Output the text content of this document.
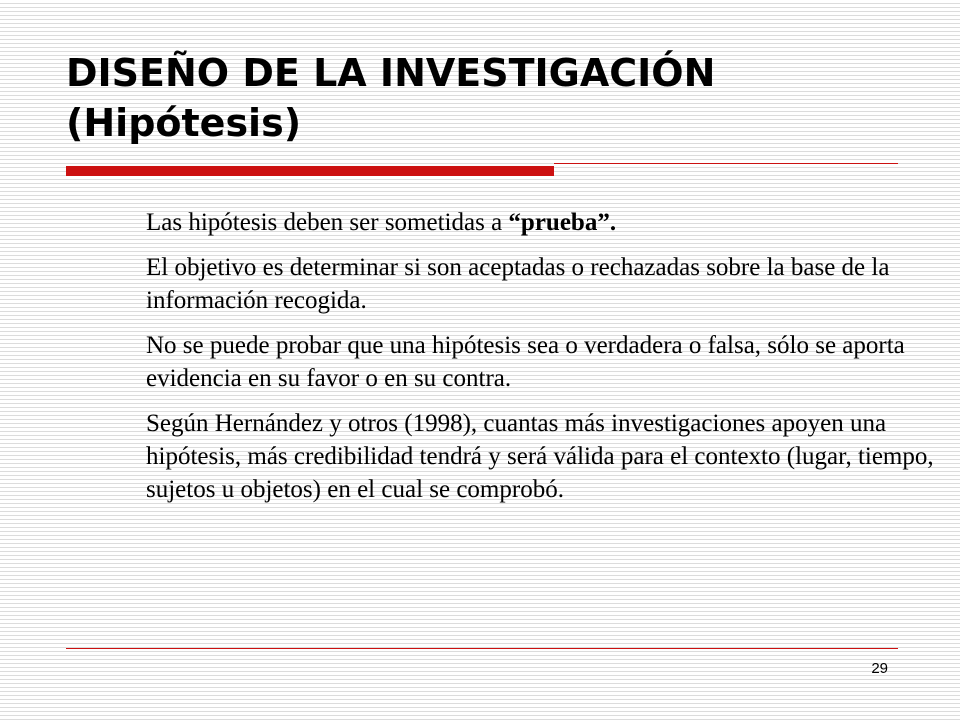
DISEÑO DE LA INVESTIGACIÓN
(Hipótesis)

Las hipótesis deben ser sometidas a “prueba”.

El objetivo es determinar si son aceptadas o rechazadas sobre la base de la información recogida.

No se puede probar que una hipótesis sea o verdadera o falsa, sólo se aporta evidencia en su favor o en su contra.

Según Hernández y otros (1998), cuantas más investigaciones apoyen una hipótesis, más credibilidad tendrá y será válida para el contexto (lugar, tiempo, sujetos u objetos) en el cual se comprobó.

29
